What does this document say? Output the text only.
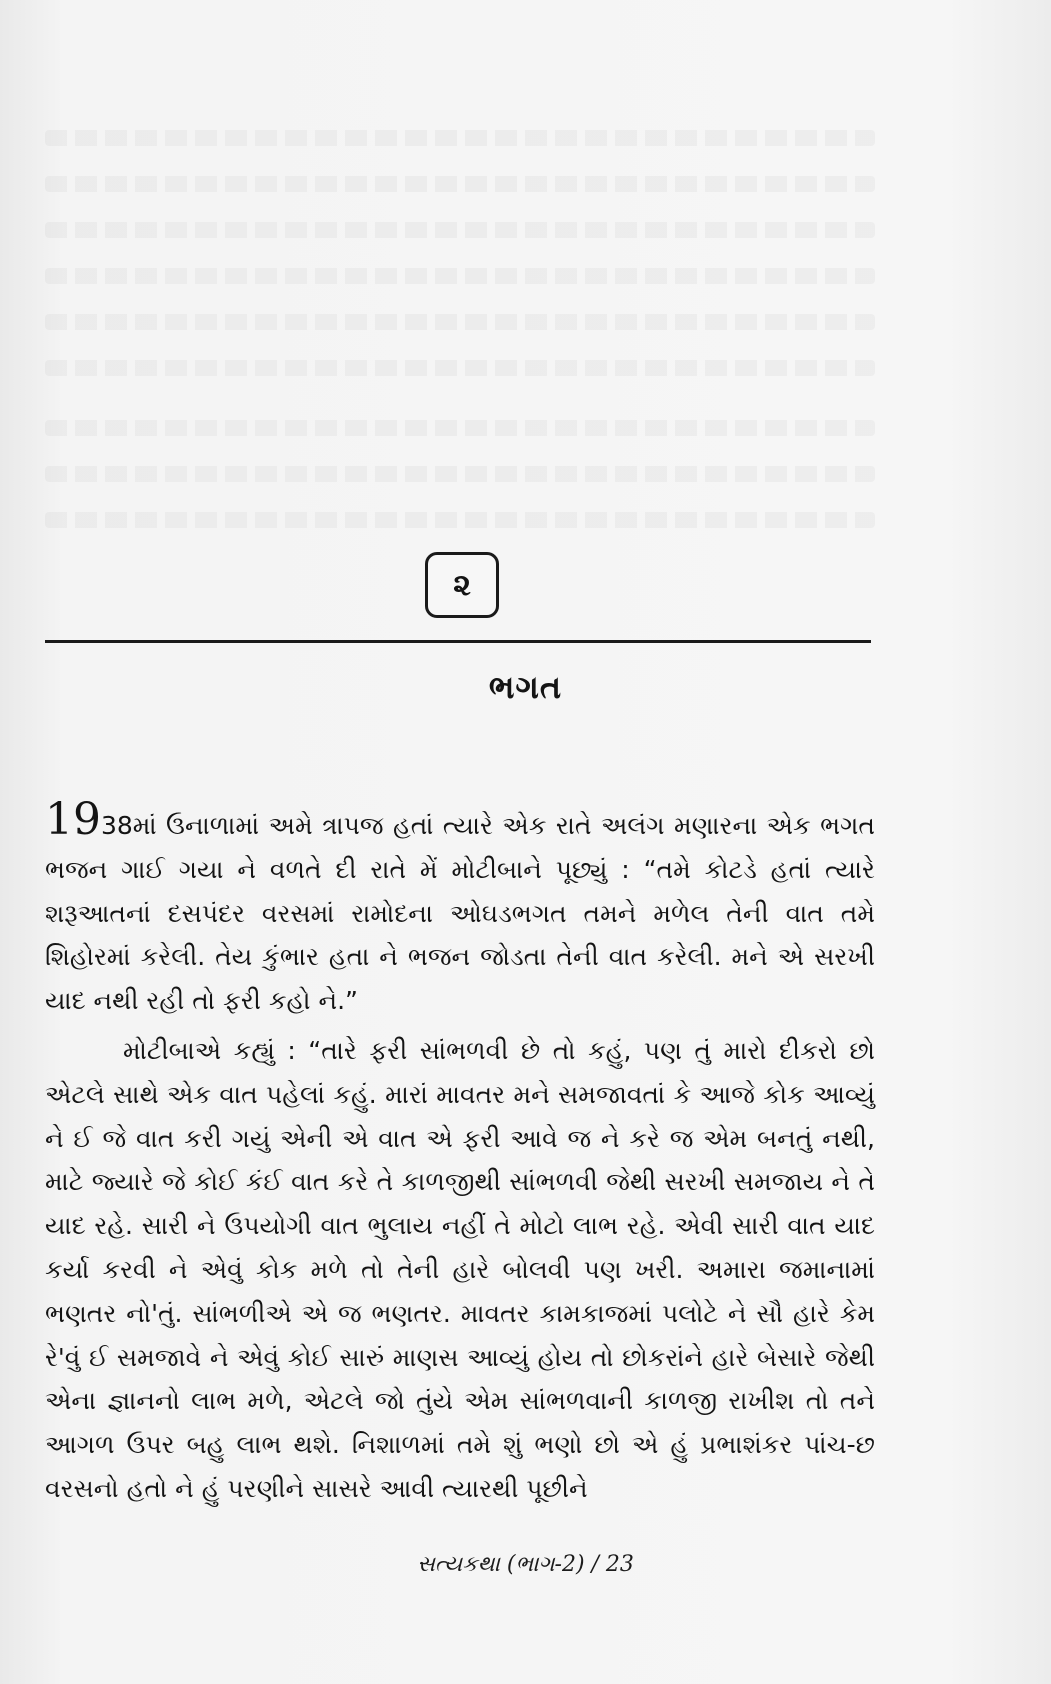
૨
ભગત

1938માં ઉનાળામાં અમે ત્રાપજ હતાં ત્યારે એક રાતે અલંગ મણારના એક ભગત ભજન ગાઈ ગયા ને વળતે દી રાતે મેં મોટીબાને પૂછ્યું : “તમે કોટડે હતાં ત્યારે શરૂઆતનાં દસપંદર વરસમાં રામોદના ઓઘડભગત તમને મળેલ તેની વાત તમે શિહોરમાં કરેલી. તેય કુંભાર હતા ને ભજન જોડતા તેની વાત કરેલી. મને એ સરખી યાદ નથી રહી તો ફરી કહો ને.”

મોટીબાએ કહ્યું : “તારે ફરી સાંભળવી છે તો કહું, પણ તું મારો દીકરો છો એટલે સાથે એક વાત પહેલાં કહું. મારાં માવતર મને સમજાવતાં કે આજે કોક આવ્યું ને ઈ જે વાત કરી ગયું એની એ વાત એ ફરી આવે જ ને કરે જ એમ બનતું નથી, માટે જ્યારે જે કોઈ કંઈ વાત કરે તે કાળજીથી સાંભળવી જેથી સરખી સમજાય ને તે યાદ રહે. સારી ને ઉપયોગી વાત ભુલાય નહીં તે મોટો લાભ રહે. એવી સારી વાત યાદ કર્યા કરવી ને એવું કોક મળે તો તેની હારે બોલવી પણ ખરી. અમારા જમાનામાં ભણતર નો'તું. સાંભળીએ એ જ ભણતર. માવતર કામકાજમાં પલોટે ને સૌ હારે કેમ રે'વું ઈ સમજાવે ને એવું કોઈ સારું માણસ આવ્યું હોય તો છોકરાંને હારે બેસારે જેથી એના જ્ઞાનનો લાભ મળે, એટલે જો તુંયે એમ સાંભળવાની કાળજી રાખીશ તો તને આગળ ઉપર બહુ લાભ થશે. નિશાળમાં તમે શું ભણો છો એ હું પ્રભાશંકર પાંચ-છ વરસનો હતો ને હું પરણીને સાસરે આવી ત્યારથી પૂછીને

સત્યકથા (ભાગ-2) / 23
